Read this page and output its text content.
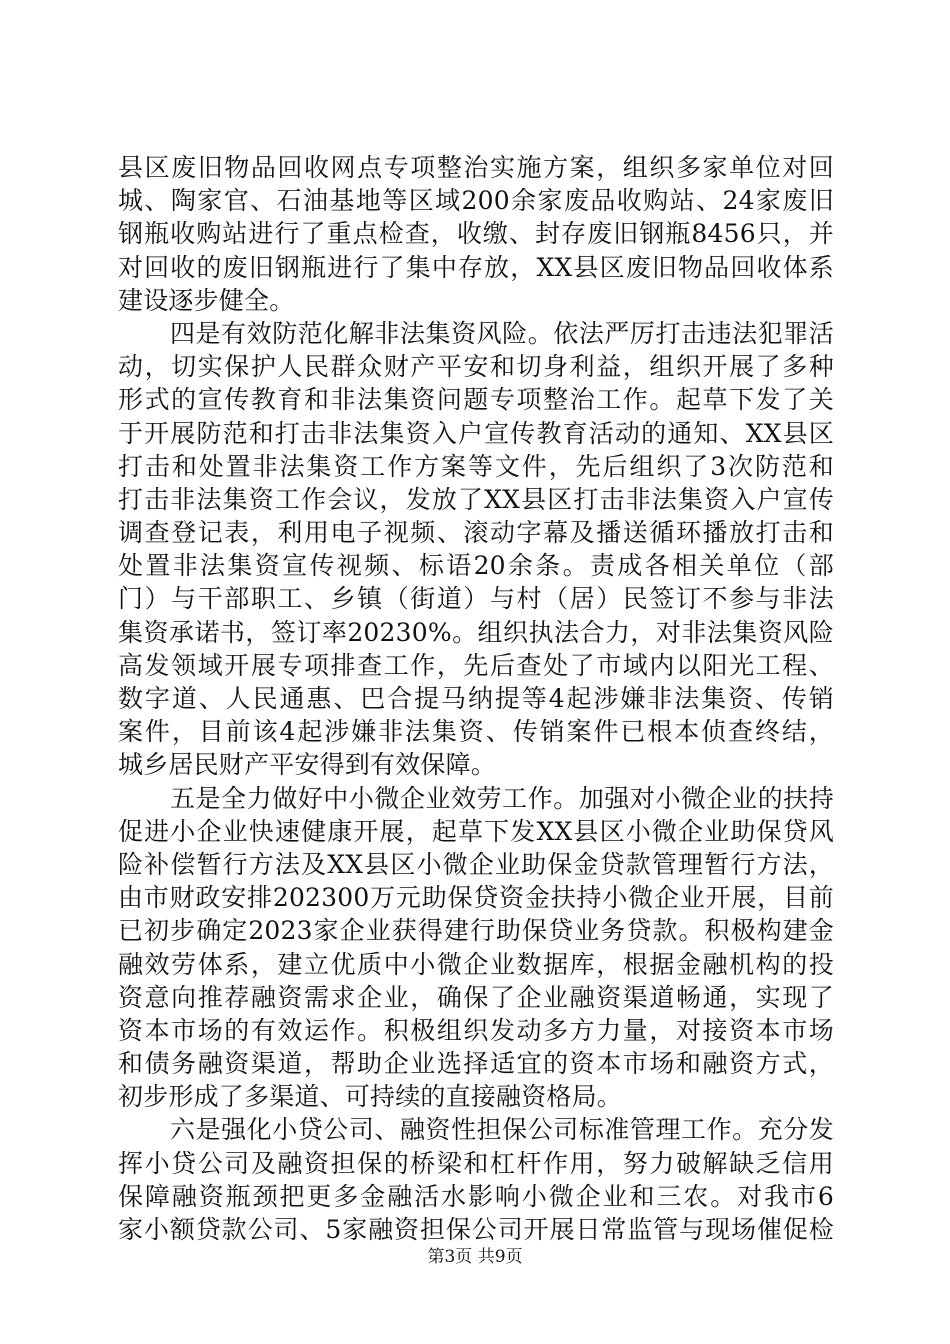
县区废旧物品回收网点专项整治实施方案，组织多家单位对回
城、陶家官、石油基地等区域200余家废品收购站、24家废旧
钢瓶收购站进行了重点检查，收缴、封存废旧钢瓶8456只，并
对回收的废旧钢瓶进行了集中存放，XX县区废旧物品回收体系
建设逐步健全。
四是有效防范化解非法集资风险。依法严厉打击违法犯罪活
动，切实保护人民群众财产平安和切身利益，组织开展了多种
形式的宣传教育和非法集资问题专项整治工作。起草下发了关
于开展防范和打击非法集资入户宣传教育活动的通知、XX县区
打击和处置非法集资工作方案等文件，先后组织了3次防范和
打击非法集资工作会议，发放了XX县区打击非法集资入户宣传
调查登记表，利用电子视频、滚动字幕及播送循环播放打击和
处置非法集资宣传视频、标语20余条。责成各相关单位（部
门）与干部职工、乡镇（街道）与村（居）民签订不参与非法
集资承诺书，签订率20230%。组织执法合力，对非法集资风险
高发领域开展专项排查工作，先后查处了市域内以阳光工程、
数字道、人民通惠、巴合提马纳提等4起涉嫌非法集资、传销
案件，目前该4起涉嫌非法集资、传销案件已根本侦查终结，
城乡居民财产平安得到有效保障。
五是全力做好中小微企业效劳工作。加强对小微企业的扶持
促进小企业快速健康开展，起草下发XX县区小微企业助保贷风
险补偿暂行方法及XX县区小微企业助保金贷款管理暂行方法，
由市财政安排202300万元助保贷资金扶持小微企业开展，目前
已初步确定2023家企业获得建行助保贷业务贷款。积极构建金
融效劳体系，建立优质中小微企业数据库，根据金融机构的投
资意向推荐融资需求企业，确保了企业融资渠道畅通，实现了
资本市场的有效运作。积极组织发动多方力量，对接资本市场
和债务融资渠道，帮助企业选择适宜的资本市场和融资方式，
初步形成了多渠道、可持续的直接融资格局。
六是强化小贷公司、融资性担保公司标准管理工作。充分发
挥小贷公司及融资担保的桥梁和杠杆作用，努力破解缺乏信用
保障融资瓶颈把更多金融活水影响小微企业和三农。对我市6
家小额贷款公司、5家融资担保公司开展日常监管与现场催促检
第3页 共9页
